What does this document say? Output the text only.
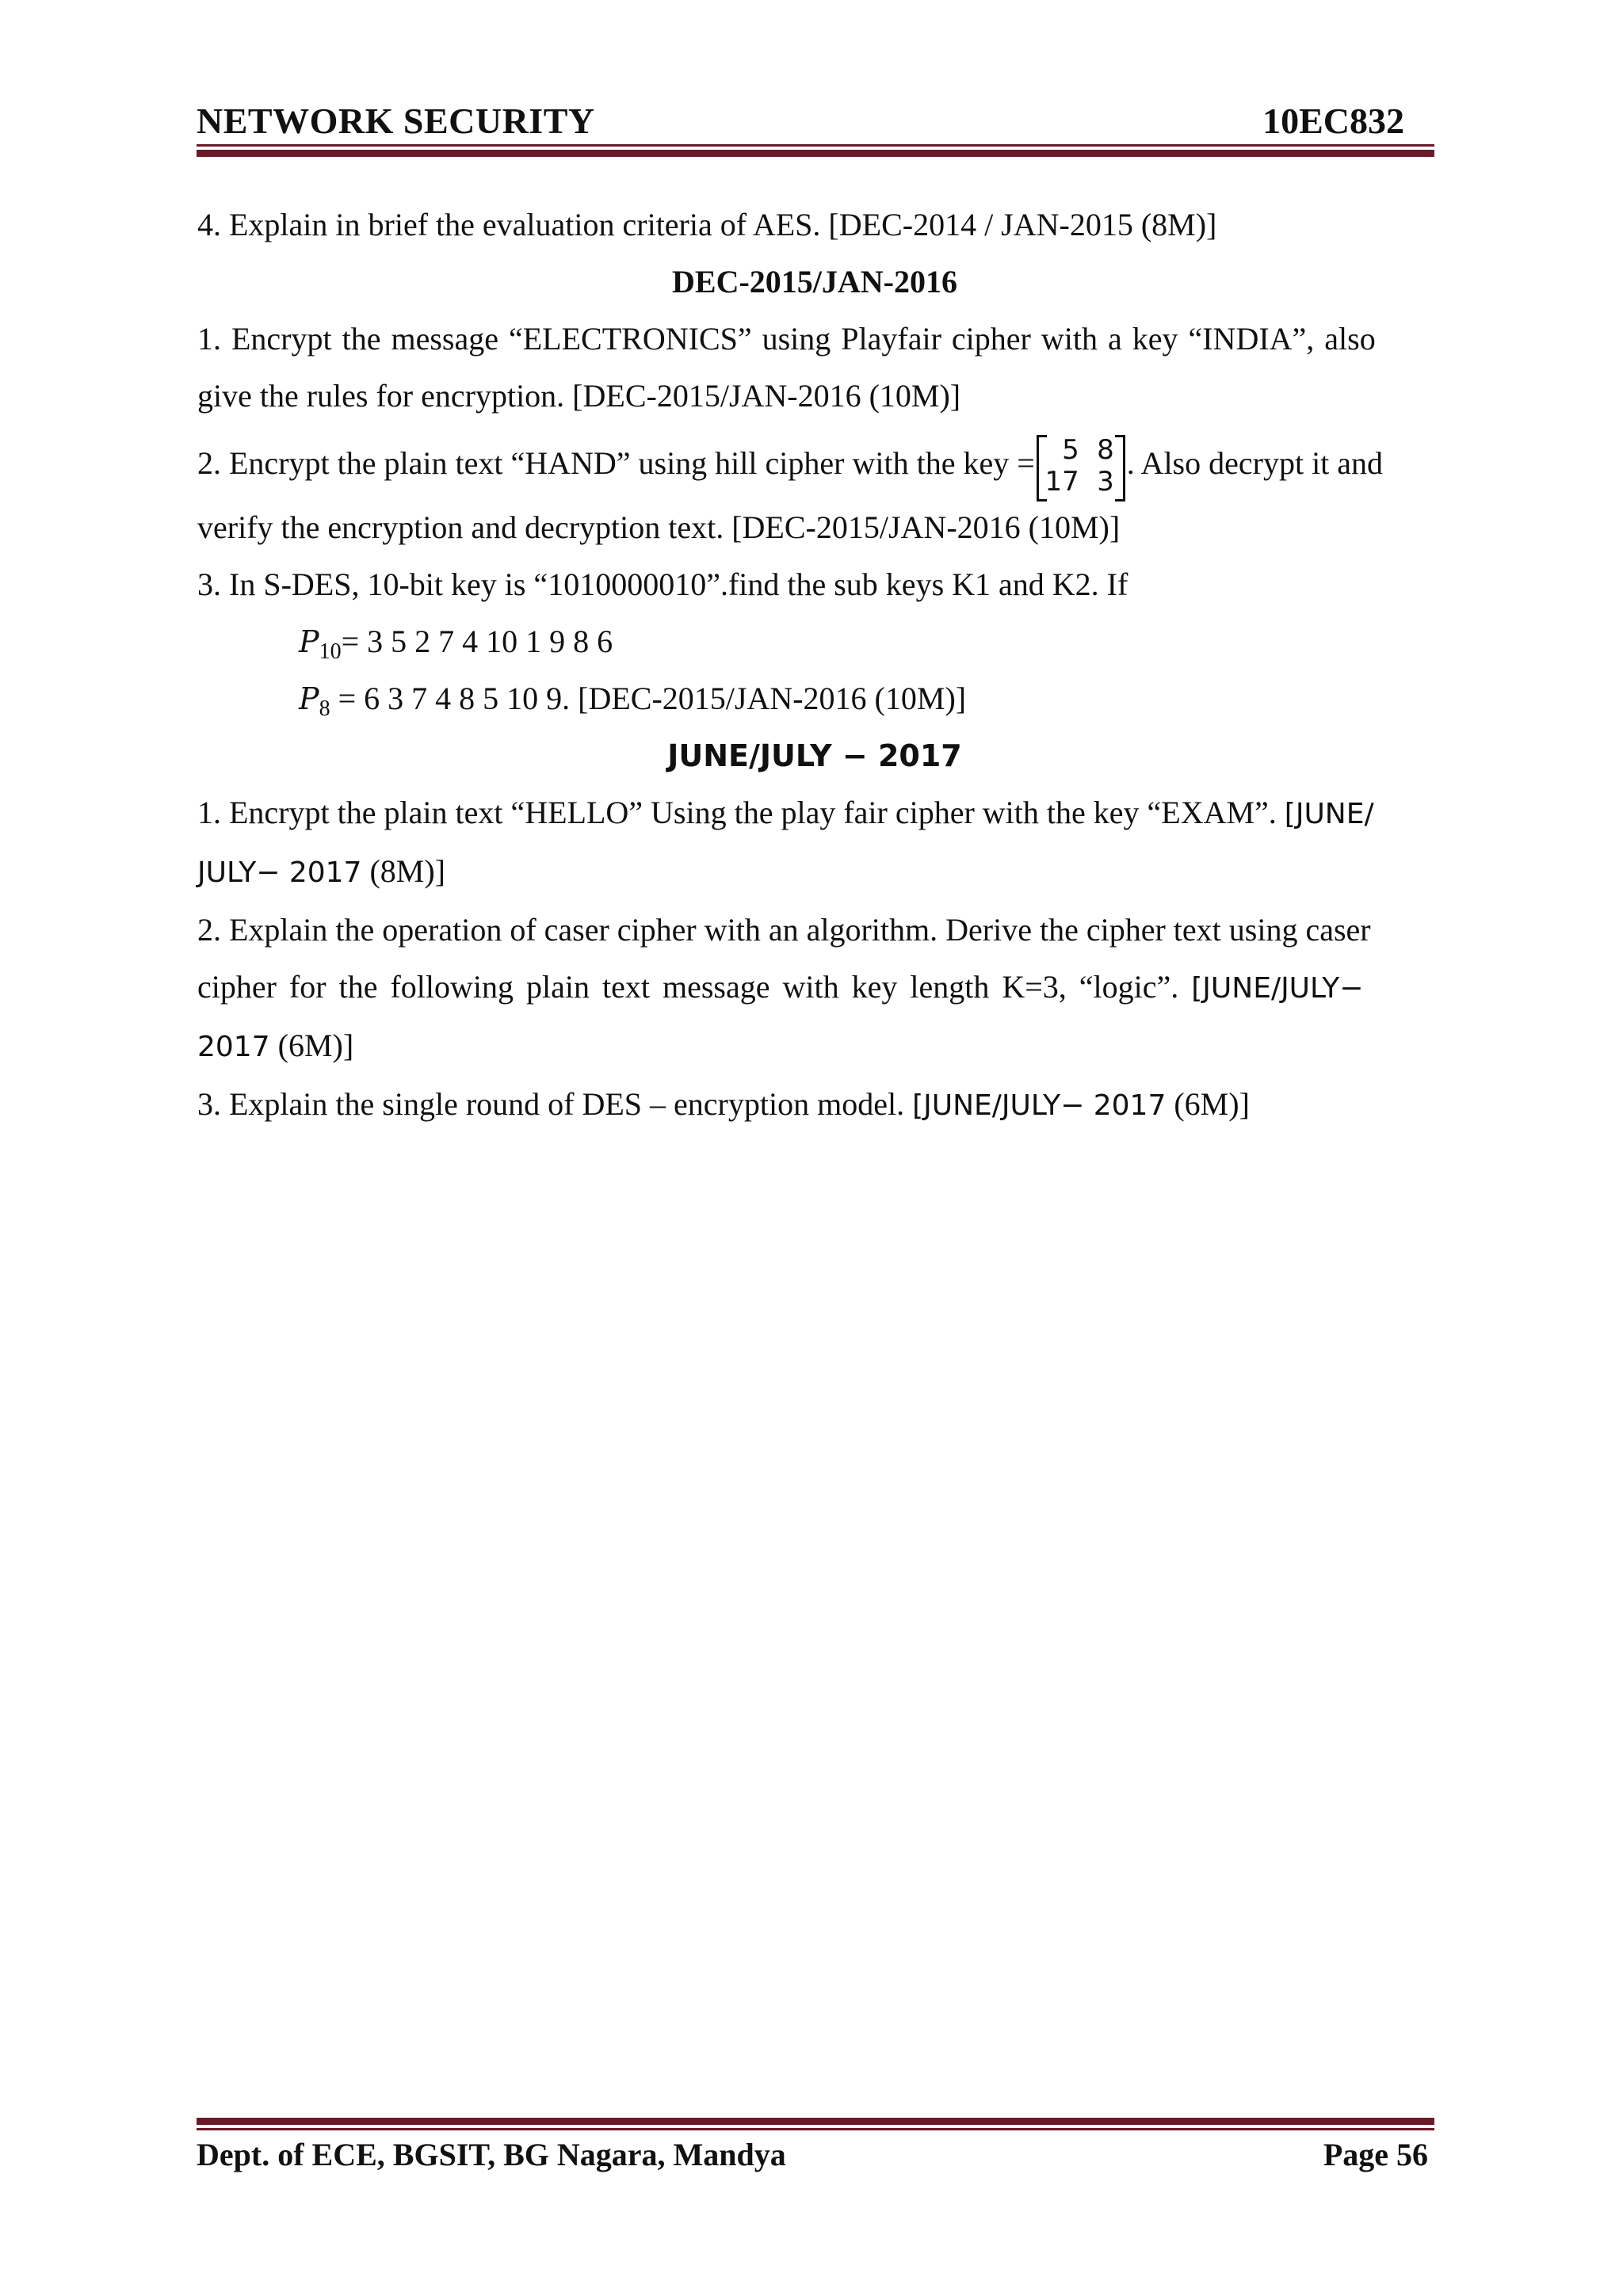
NETWORK SECURITY	10EC832
4. Explain in brief the evaluation criteria of AES. [DEC-2014 / JAN-2015 (8M)]
DEC-2015/JAN-2016
1. Encrypt the message “ELECTRONICS” using Playfair cipher with a key “INDIA”, also
give the rules for encryption. [DEC-2015/JAN-2016 (10M)]
2. Encrypt the plain text “HAND” using hill cipher with the key =	5 8
17 3
. Also decrypt it and
verify the encryption and decryption text. [DEC-2015/JAN-2016 (10M)]
3. In S-DES, 10-bit key is “1010000010”.find the sub keys K1 and K2. If
$P_{10}= 3$ 5 2 7 4 10 1 9 8 6
$P_8 = 6$ 3 7 4 8 5 10 9. [DEC-2015/JAN-2016 (10M)]
JUNE/JULY − 2017
1. Encrypt the plain text “HELLO” Using the play fair cipher with the key “EXAM”. [JUNE/
JULY− 2017 (8M)]
2. Explain the operation of caser cipher with an algorithm. Derive the cipher text using caser
cipher for the following plain text message with key length K=3, “logic”. [JUNE/JULY−
2017 (6M)]
3. Explain the single round of DES – encryption model. [JUNE/JULY− 2017 (6M)]
Dept. of ECE, BGSIT, BG Nagara, Mandya	Page 56
